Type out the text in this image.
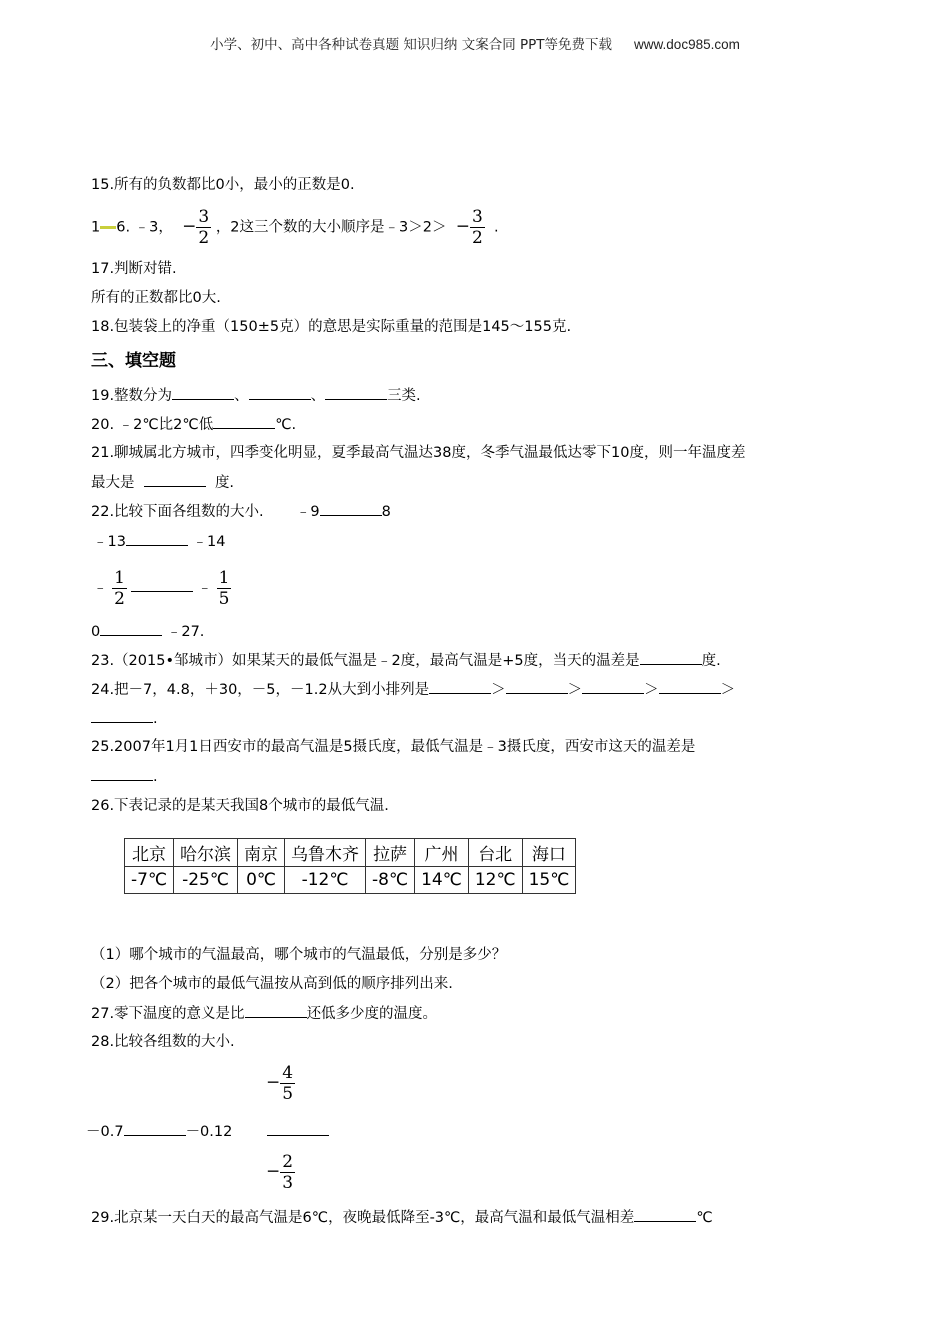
小学、初中、高中各种试卷真题 知识归纳 文案合同 PPT等免费下载 www.doc985.com
15.所有的负数都比0小，最小的正数是0.
1 6. ﹣3， − $\frac{3}{2}$ ，2这三个数的大小顺序是﹣3＞2＞ − $\frac{3}{2}$ .
17.判断对错.
所有的正数都比0大.
18.包装袋上的净重（150±5克）的意思是实际重量的范围是145～155克.
三、填空题
19.整数分为	、	、	三类.
20. ﹣2℃比2℃低	℃.
21.聊城属北方城市，四季变化明显，夏季最高气温达38度，冬季气温最低达零下10度，则一年温度差
最大是	度.
22.比较下面各组数的大小. ﹣9	8
﹣13	﹣14
﹣ $\frac{1}{2}$	﹣ $\frac{1}{5}$
0	﹣27.
23.（2015•邹城市）如果某天的最低气温是﹣2度，最高气温是+5度，当天的温差是	度.
24.把－7，4.8，＋30，－5，－1.2从大到小排列是	＞	＞	＞	＞
.
25.2007年1月1日西安市的最高气温是5摄氏度，最低气温是﹣3摄氏度，西安市这天的温差是
.
26.下表记录的是某天我国8个城市的最低气温.
北京	哈尔滨	南京	乌鲁木齐	拉萨	广州	台北	海口
-7℃	-25℃	0℃	-12℃	-8℃	14℃	12℃	15℃
（1）哪个城市的气温最高，哪个城市的气温最低，分别是多少？
（2）把各个城市的最低气温按从高到低的顺序排列出来.
27.零下温度的意义是比	还低多少度的温度。
28.比较各组数的大小.
− $\frac{4}{5}$
－0.7	－0.12
− $\frac{2}{3}$
29.北京某一天白天的最高气温是6℃，夜晚最低降至-3℃，最高气温和最低气温相差	℃
